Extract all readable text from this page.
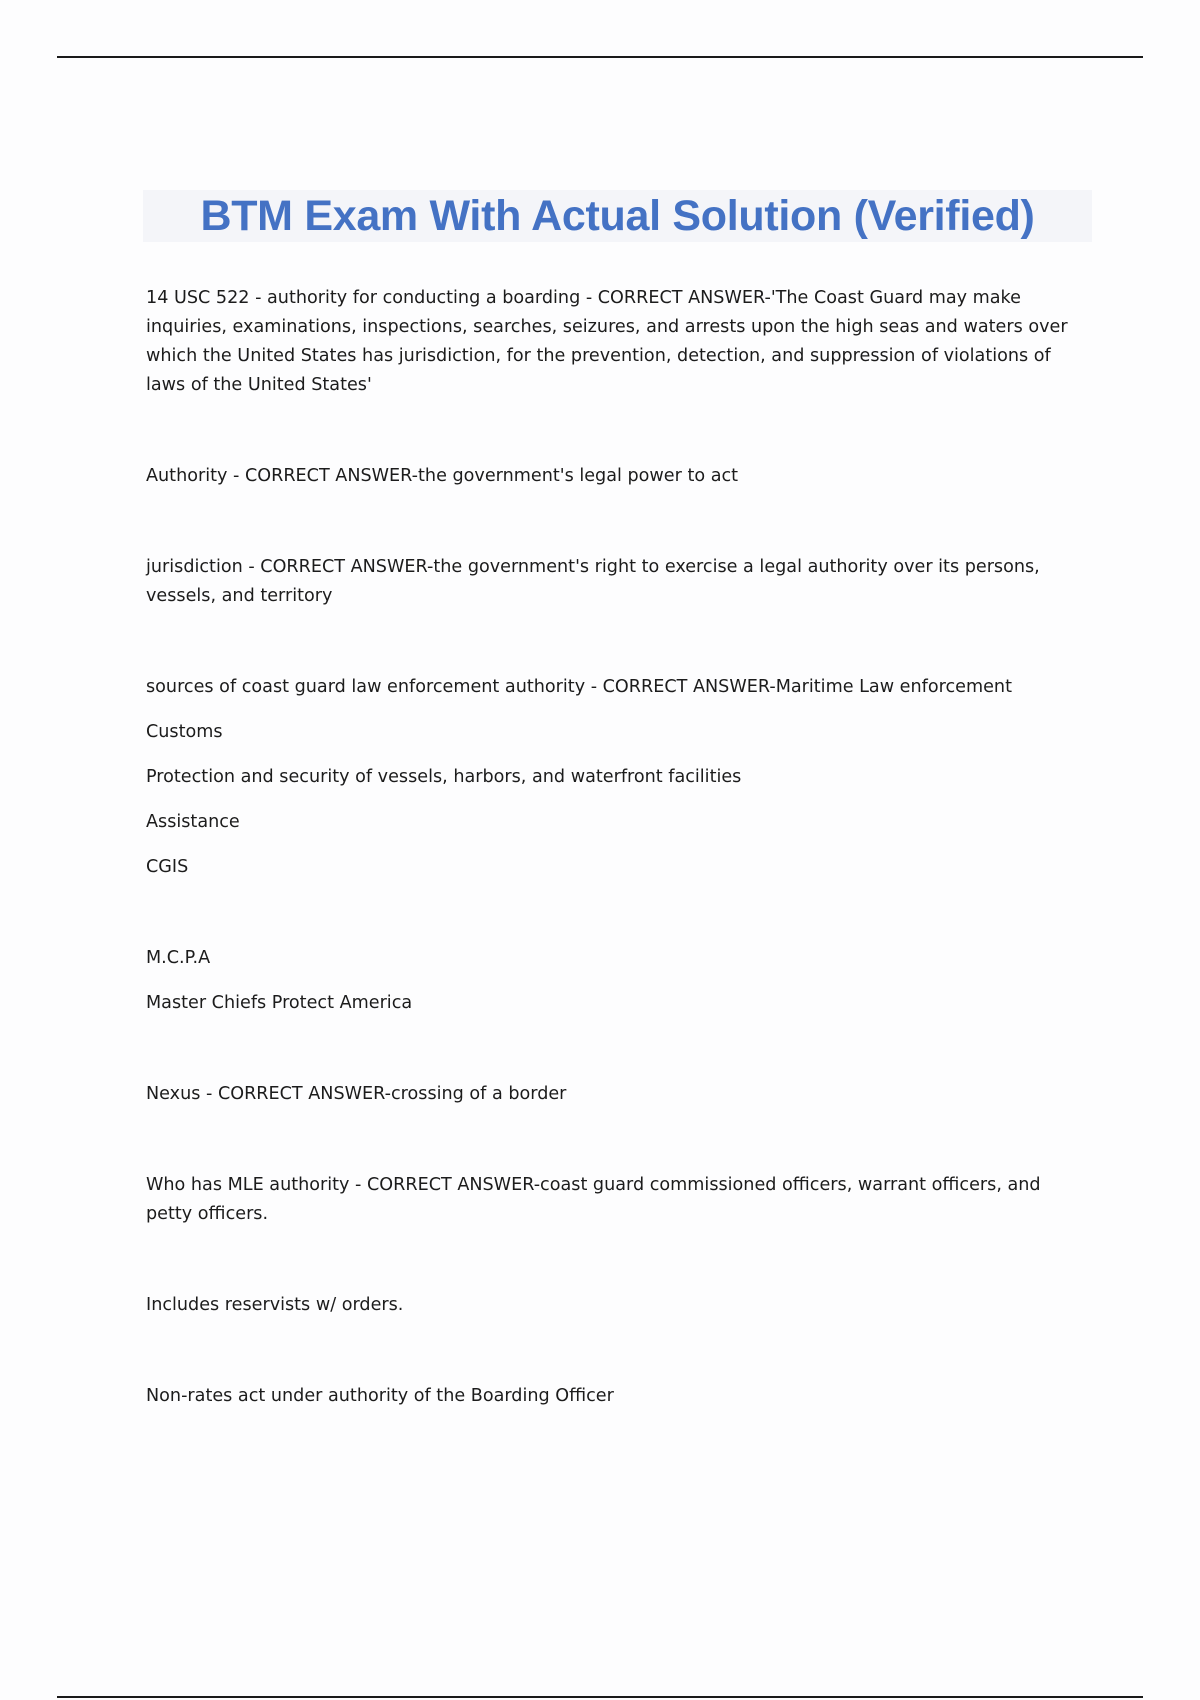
BTM Exam With Actual Solution (Verified)

14 USC 522 - authority for conducting a boarding - CORRECT ANSWER-'The Coast Guard may make inquiries, examinations, inspections, searches, seizures, and arrests upon the high seas and waters over which the United States has jurisdiction, for the prevention, detection, and suppression of violations of laws of the United States'

Authority - CORRECT ANSWER-the government's legal power to act

jurisdiction - CORRECT ANSWER-the government's right to exercise a legal authority over its persons, vessels, and territory

sources of coast guard law enforcement authority - CORRECT ANSWER-Maritime Law enforcement

Customs

Protection and security of vessels, harbors, and waterfront facilities

Assistance

CGIS

M.C.P.A

Master Chiefs Protect America

Nexus - CORRECT ANSWER-crossing of a border

Who has MLE authority - CORRECT ANSWER-coast guard commissioned officers, warrant officers, and petty officers.

Includes reservists w/ orders.

Non-rates act under authority of the Boarding Officer
